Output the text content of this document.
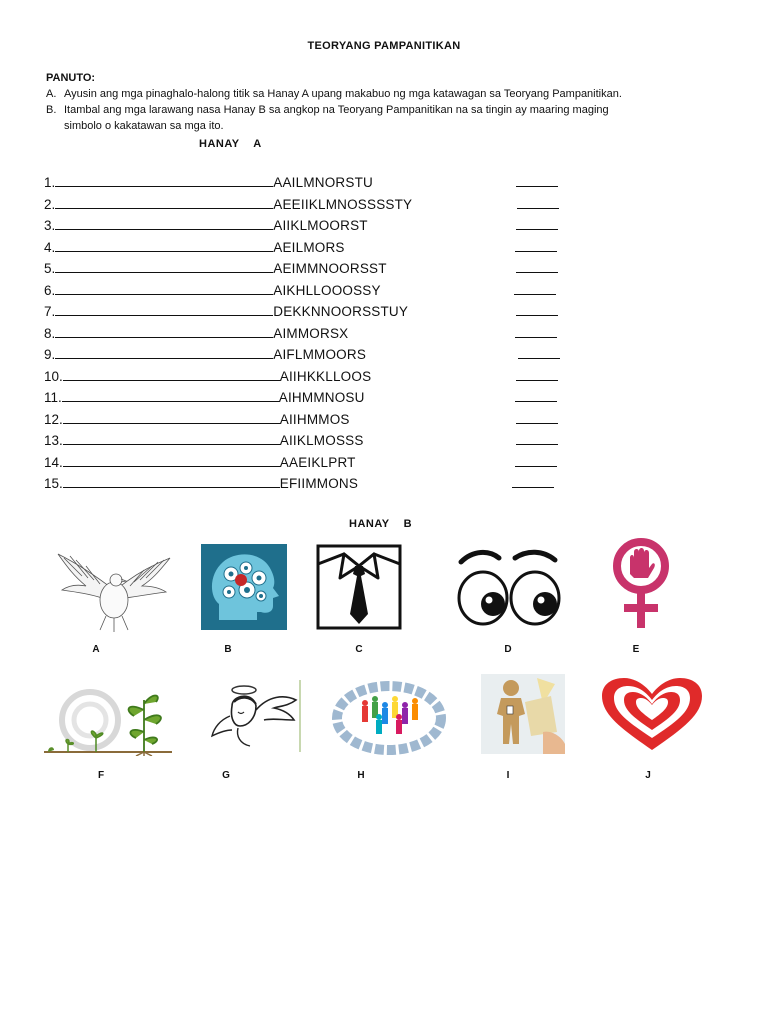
TEORYANG PAMPANITIKAN
PANUTO:
A. Ayusin ang mga pinaghalo-halong titik sa Hanay A upang makabuo ng mga katawagan sa Teoryang Pampanitikan.
B. Itambal ang mga larawang nasa Hanay B sa angkop na Teoryang Pampanitikan na sa tingin ay maaring maging
simbolo o kakatawan sa mga ito.
HANAY    A
1.	AAILMNORSTU
2.	AEEIIKLMNOSSSSTY
3.	AIIKLMOORST
4.	AEILMORS
5.	AEIMMNOORSST
6.	AIKHLLOOOSSY
7.	DEKKNNOORSSTUY
8.	AIMMORSX
9.	AIFLMMOORS
10.	AIIHKKLLOOS
11.	AIHMMNOSU
12.	AIIHMMOS
13.	AIIKLMOSSS
14.	AAEIKLPRT
15.	EFIIMMONS
HANAY    B
A	B	C	D	E
F	G	H	I	J
